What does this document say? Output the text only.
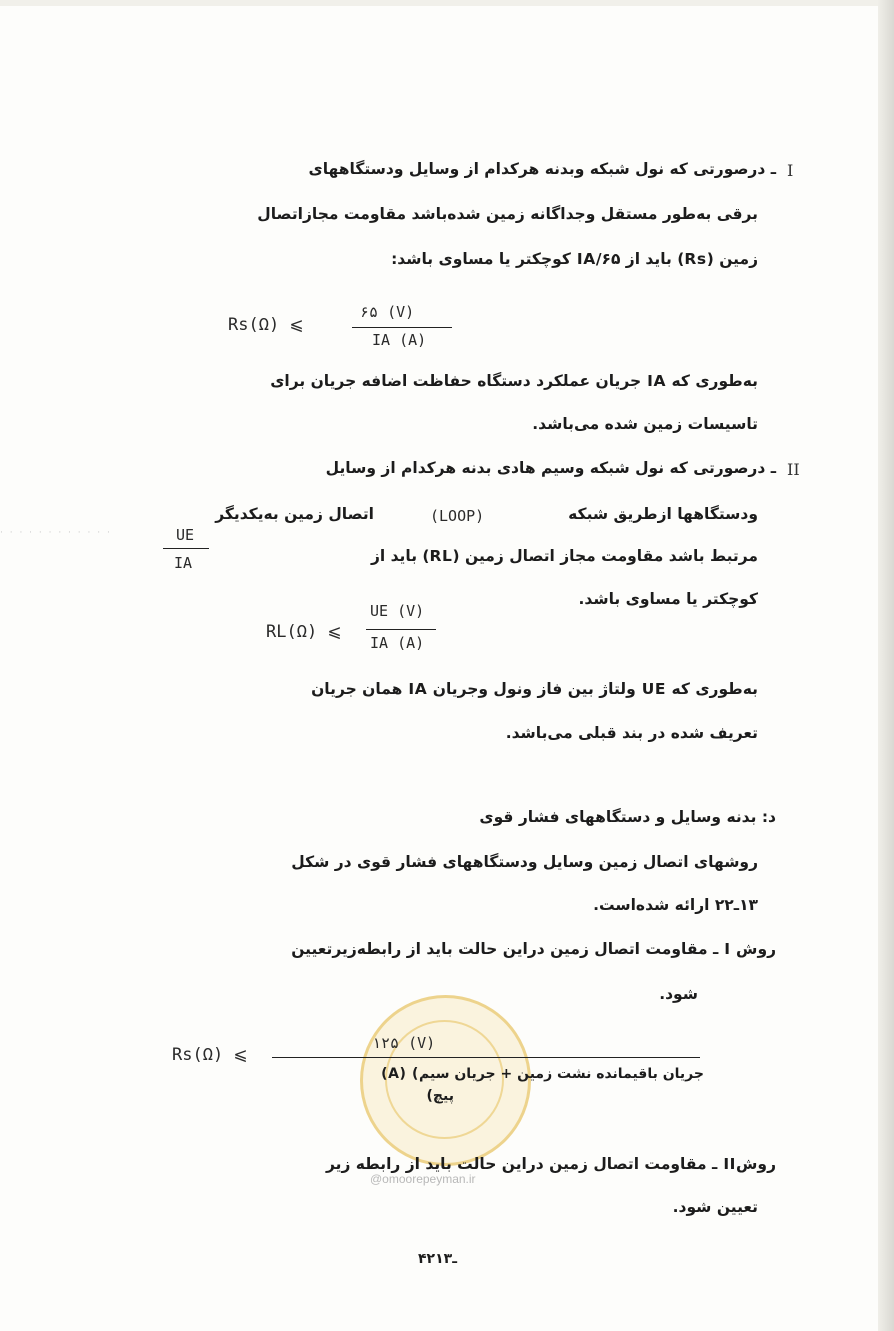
· · · · · · · · · · · ·
I
ـ درصورتی که نول شبکه وبدنه هرکدام از وسایل ودستگاههای
برقی به‌طور مستقل وجداگانه زمین شده‌باشد مقاومت مجازاتصال
زمین (Rs) باید از ۶۵/IA کوچکتر یا مساوی باشد:
Rs(Ω) ⩽
۶۵ (V)
IA (A)
به‌طوری که IA جریان عملکرد دستگاه حفاظت اضافه جریان برای
تاسیسات زمین شده می‌باشد.
II
ـ درصورتی که نول شبکه وسیم هادی بدنه هرکدام از وسایل
ودستگاهها ازطریق شبکه
(LOOP)
اتصال زمین به‌یکدیگر
UE
IA	مرتبط باشد مقاومت مجاز اتصال زمین (RL) باید از
کوچکتر یا مساوی باشد.
RL(Ω) ⩽
UE (V)
IA (A)
به‌طوری که UE ولتاژ بین فاز ونول وجریان IA همان جریان
تعریف شده در بند قبلی می‌باشد.
د: بدنه وسایل و دستگاههای فشار قوی
روشهای اتصال زمین وسایل ودستگاههای فشار قوی در شکل
۱۳ـ۲۲ ارائه شده‌است.
روش I ـ مقاومت اتصال زمین دراین حالت باید از رابطه‌زیرتعیین
شود.
Rs(Ω) ⩽
۱۲۵ (V)
(A) (جریان باقیمانده نشت زمین + جریان سیم
پیچ)
روشII ـ مقاومت اتصال زمین دراین حالت باید از رابطه زیر
@omoorepeyman.ir
تعیین شود.
۴۲ـ۱۳
